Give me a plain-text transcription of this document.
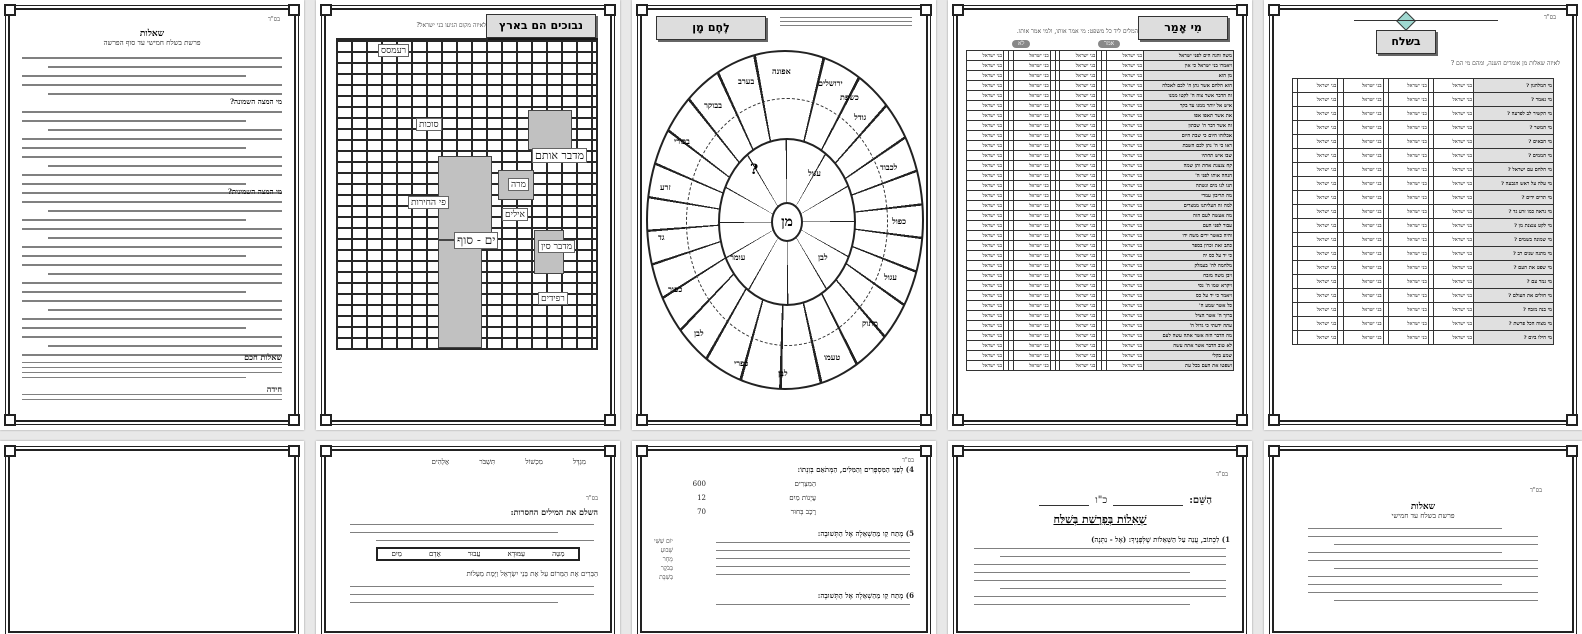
בס"ד
שאלות
פרשת בשלח חמישי עד סוף הפרשה
מי המצה השמונה?
מי המצה השמינית?
שאלות חכם
חידה
נבוכים הם בארץ
לאיזה מקום הגיעו בני ישראל?
ים - סוף
מרה
מדבר אותם
אילים
פי החירות
מדבר סין
רפידים
רעמסס
סוכות
לֶחֶם מָן
מן
אפונה
ירושלים
גודל
לכבוד
כפול
עגול
מתוק
טעמו
לבן
כפרי
לבן
כפור
גד
זרע
בכורי
בבוקר
בערב
כשפת
?
עומר	לבן
עגול
מִי אָמַר
המלים ליד כל משפט: מי אמר אותו, ולמי אמר אותו.
אמר
לא
משה והנה הים לפני ישראל	בני ישראל			בני ישראל			בני ישראל			בני ישראל
ויאמרו בני ישראל כי אין	בני ישראל			בני ישראל			בני ישראל			בני ישראל
מן הוא	בני ישראל			בני ישראל			בני ישראל			בני ישראל
הוא הלחם אשר נתן ה' לכם לאכלה	בני ישראל			בני ישראל			בני ישראל			בני ישראל
זה הדבר אשר צוה ה' לקטו ממנו	בני ישראל			בני ישראל			בני ישראל			בני ישראל
איש אל יותר ממנו עד בקר	בני ישראל			בני ישראל			בני ישראל			בני ישראל
את אשר תאפו אפו	בני ישראל			בני ישראל			בני ישראל			בני ישראל
זה אשר דבר ה' שבתון	בני ישראל			בני ישראל			בני ישראל			בני ישראל
אכלוהו היום כי שבת היום	בני ישראל			בני ישראל			בני ישראל			בני ישראל
ראו כי ה' נתן לכם השבת	בני ישראל			בני ישראל			בני ישראל			בני ישראל
שבו איש תחתיו	בני ישראל			בני ישראל			בני ישראל			בני ישראל
קח צנצנת אחת ותן שמה	בני ישראל			בני ישראל			בני ישראל			בני ישראל
הנחה אותו לפני ה'	בני ישראל			בני ישראל			בני ישראל			בני ישראל
תנו לנו מים ונשתה	בני ישראל			בני ישראל			בני ישראל			בני ישראל
מה תריבון עמדי	בני ישראל			בני ישראל			בני ישראל			בני ישראל
למה זה העליתנו ממצרים	בני ישראל			בני ישראל			בני ישראל			בני ישראל
מה אעשה לעם הזה	בני ישראל			בני ישראל			בני ישראל			בני ישראל
עבור לפני העם	בני ישראל			בני ישראל			בני ישראל			בני ישראל
והיה כאשר ירים משה ידו	בני ישראל			בני ישראל			בני ישראל			בני ישראל
כתב זאת זכרון בספר	בני ישראל			בני ישראל			בני ישראל			בני ישראל
כי יד על כס יה	בני ישראל			בני ישראל			בני ישראל			בני ישראל
מלחמה לה' בעמלק	בני ישראל			בני ישראל			בני ישראל			בני ישראל
ויבן משה מזבח	בני ישראל			בני ישראל			בני ישראל			בני ישראל
ויקרא שמו ה' נסי	בני ישראל			בני ישראל			בני ישראל			בני ישראל
ויאמר כי יד על כס	בני ישראל			בני ישראל			בני ישראל			בני ישראל
כל אשר שמע ה'	בני ישראל			בני ישראל			בני ישראל			בני ישראל
ברוך ה' אשר הציל	בני ישראל			בני ישראל			בני ישראל			בני ישראל
עתה ידעתי כי גדול ה'	בני ישראל			בני ישראל			בני ישראל			בני ישראל
מה הדבר הזה אשר אתה עשה לעם	בני ישראל			בני ישראל			בני ישראל			בני ישראל
לא טוב הדבר אשר אתה עשה	בני ישראל			בני ישראל			בני ישראל			בני ישראל
שמע בקלי	בני ישראל			בני ישראל			בני ישראל			בני ישראל
ושפטו את העם בכל עת	בני ישראל			בני ישראל			בני ישראל			בני ישראל
בס"ד
בשלח
לאיזה שאלות מן אומרים השנה, ומהם מי הם ?
מי המלהנון ?	בני ישראל		בני ישראל		בני ישראל		בני ישראל	
מי נאמר ?	בני ישראל		בני ישראל		בני ישראל		בני ישראל	
מי הקשיר לב לפרעה ?	בני ישראל		בני ישראל		בני ישראל		בני ישראל	
מי המשר ?	בני ישראל		בני ישראל		בני ישראל		בני ישראל	
מי הבאים ?	בני ישראל		בני ישראל		בני ישראל		בני ישראל	
מי הממים ?	בני ישראל		בני ישראל		בני ישראל		בני ישראל	
מי הלחם עם ישראל ?	בני ישראל		בני ישראל		בני ישראל		בני ישראל	
מי עלה על ראש הגבעה ?	בני ישראל		בני ישראל		בני ישראל		בני ישראל	
מי תרים ידים ?	בני ישראל		בני ישראל		בני ישראל		בני ישראל	
מי נראה כמו זרע גד ?	בני ישראל		בני ישראל		בני ישראל		בני ישראל	
מי לקט צנצנת מן ?	בני ישראל		בני ישראל		בני ישראל		בני ישראל	
מי שמונה בשמים ?	בני ישראל		בני ישראל		בני ישראל		בני ישראל	
מי מתנה שנים רב ?	בני ישראל		בני ישראל		בני ישראל		בני ישראל	
מי שפט את העם ?	בני ישראל		בני ישראל		בני ישראל		בני ישראל	
מי נמר עם ?	בני ישראל		בני ישראל		בני ישראל		בני ישראל	
מי חולים את העולם ?	בני ישראל		בני ישראל		בני ישראל		בני ישראל	
מי בנה מזבח ?	בני ישראל		בני ישראל		בני ישראל		בני ישראל	
מי מצוה הכל פרשת ?	בני ישראל		בני ישראל		בני ישראל		בני ישראל	
מי הילו ביום ?	בני ישראל		בני ישראל		בני ישראל		בני ישראל	
מִגְדָּל
מִכְשׁוֹל
תִּשְׁבֹּר
אֶלְהִים
בס"ד
השלם את המילים החסרות:
מַטֵּה
עַמּוּדָא
עֲבוּר
אֶדָם
מַיִם
הַבְּרִים אֶת הַמְּרוֹם עַל אֶת בְּנֵי יִשְׂרָאֵל וַיָּמֶת מַעְלוֹת
בס"ד
4) לְפַנֵּי הַמִּסְפָּרִים וְהַמִּלִּים, הַמְּתֹאַם בְּוִנְתוֹ:
הַמִּצְרִים
עֲיָנוֹת מַיִם
רֶכֶב בָּחוּר
600
12
70
5) מָתַח קַו מֵהַשְׁאֵלָה אֶל הַתְּשׁוּבָה:
יוֹם שִׁשִּׁי
שָׁבוּעַ
מָחָר
בַּבֹּקֶר
בְּשַׁבָּת
6) מָתַח קַו מֵהַשְׁאֵלָה אֶל הַתְּשׁוּבָה:
בס"ד
הַשֵּׁם:
כ"ו
שְׁאֵלוֹת בְּפָרָשַׁת בְּשַׁלַּח
1) לִכְתוֹב, עֲנֵה עַל הַשְּׁאֵלוֹת שֶׁלְּפָנֶיךָ: (אֶל - נִתְּנָה)
בס"ד
שאלות
פרשת בשלח עד חמישי
